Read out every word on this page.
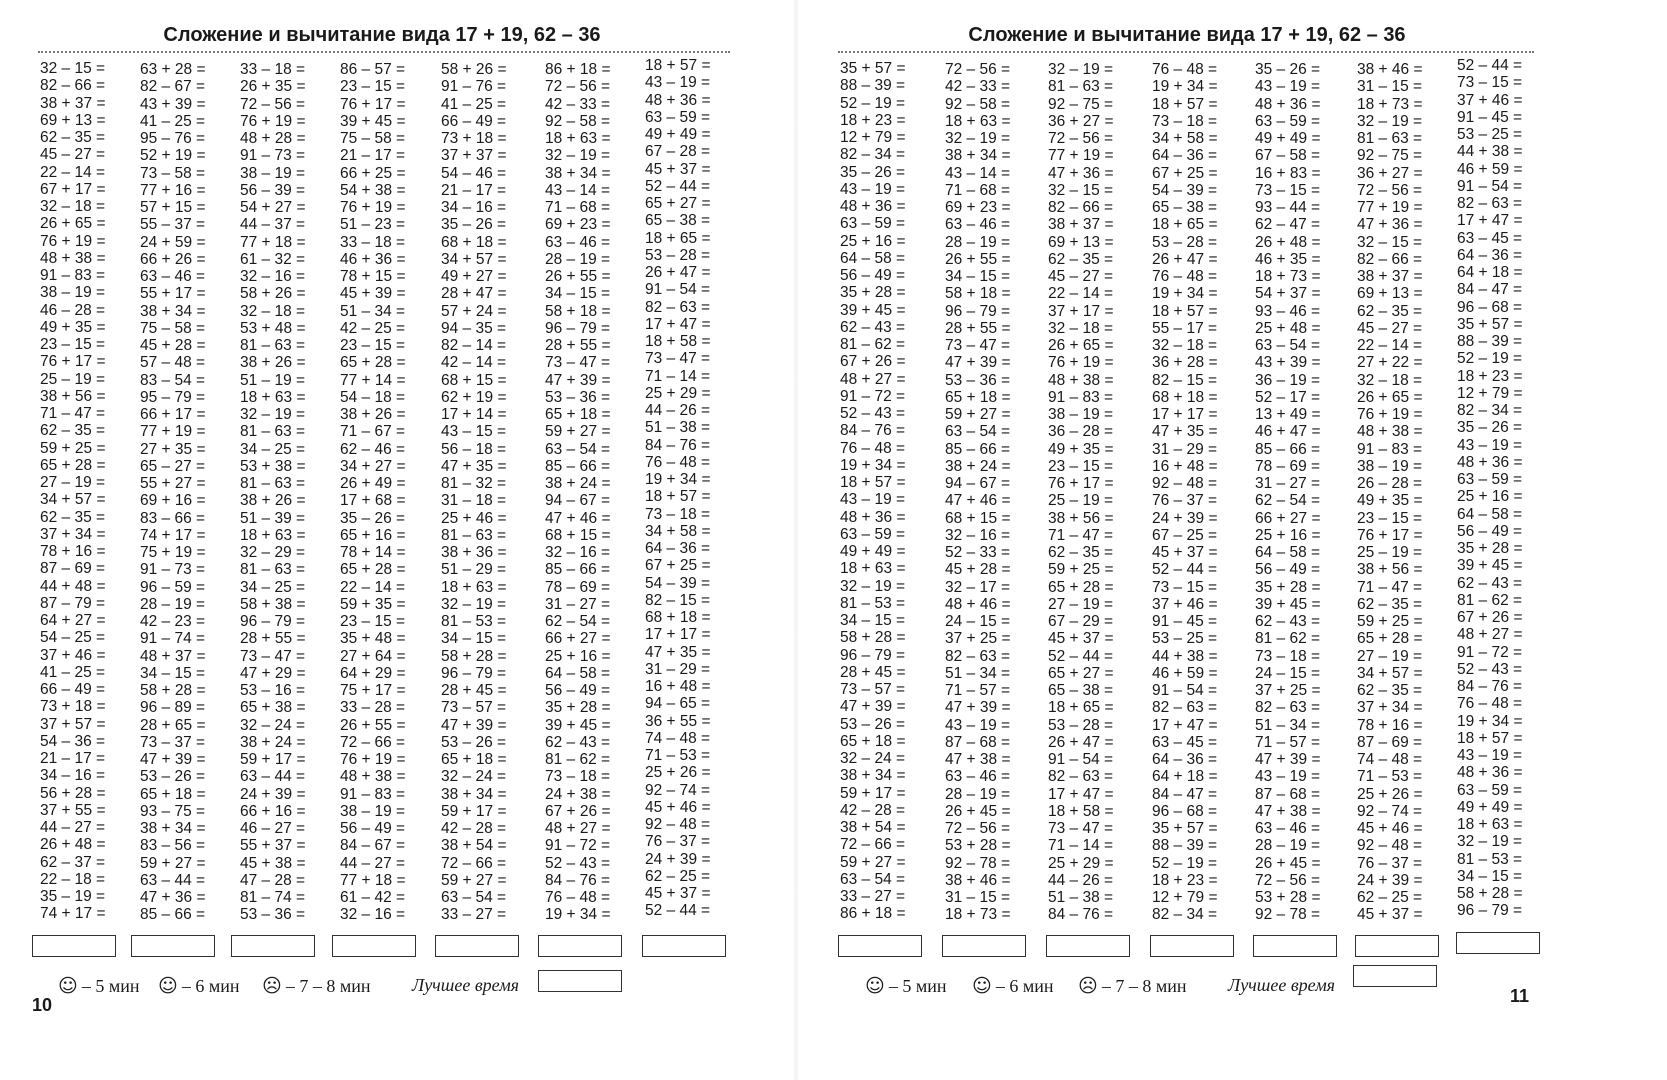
Сложение и вычитание вида 17 + 19, 62 – 36
32 – 15 =
82 – 66 =
38 + 37 =
69 + 13 =
62 – 35 =
45 – 27 =
22 – 14 =
67 + 17 =
32 – 18 =
26 + 65 =
76 + 19 =
48 + 38 =
91 – 83 =
38 – 19 =
46 – 28 =
49 + 35 =
23 – 15 =
76 + 17 =
25 – 19 =
38 + 56 =
71 – 47 =
62 – 35 =
59 + 25 =
65 + 28 =
27 – 19 =
34 + 57 =
62 – 35 =
37 + 34 =
78 + 16 =
87 – 69 =
44 + 48 =
87 – 79 =
64 + 27 =
54 – 25 =
37 + 46 =
41 – 25 =
66 – 49 =
73 + 18 =
37 + 57 =
54 – 36 =
21 – 17 =
34 – 16 =
56 + 28 =
37 + 55 =
44 – 27 =
26 + 48 =
62 – 37 =
22 – 18 =
35 – 19 =
74 + 17 =
63 + 28 =
82 – 67 =
43 + 39 =
41 – 25 =
95 – 76 =
52 + 19 =
73 – 58 =
77 + 16 =
57 + 15 =
55 – 37 =
24 + 59 =
66 + 26 =
63 – 46 =
55 + 17 =
38 + 34 =
75 – 58 =
45 + 28 =
57 – 48 =
83 – 54 =
95 – 79 =
66 + 17 =
77 + 19 =
27 + 35 =
65 – 27 =
55 + 27 =
69 + 16 =
83 – 66 =
74 + 17 =
75 + 19 =
91 – 73 =
96 – 59 =
28 – 19 =
42 – 23 =
91 – 74 =
48 + 37 =
34 – 15 =
58 + 28 =
96 – 89 =
28 + 65 =
73 – 37 =
47 + 39 =
53 – 26 =
65 + 18 =
93 – 75 =
38 + 34 =
83 – 56 =
59 + 27 =
63 – 44 =
47 + 36 =
85 – 66 =
33 – 18 =
26 + 35 =
72 – 56 =
76 + 19 =
48 + 28 =
91 – 73 =
38 – 19 =
56 – 39 =
54 + 27 =
44 – 37 =
77 + 18 =
61 – 32 =
32 – 16 =
58 + 26 =
32 – 18 =
53 + 48 =
81 – 63 =
38 + 26 =
51 – 19 =
18 + 63 =
32 – 19 =
81 – 63 =
34 – 25 =
53 + 38 =
81 – 63 =
38 + 26 =
51 – 39 =
18 + 63 =
32 – 29 =
81 – 63 =
34 – 25 =
58 + 38 =
96 – 79 =
28 + 55 =
73 – 47 =
47 + 29 =
53 – 16 =
65 + 38 =
32 – 24 =
38 + 24 =
59 + 17 =
63 – 44 =
24 + 39 =
66 + 16 =
46 – 27 =
55 + 37 =
45 + 38 =
47 – 28 =
81 – 74 =
53 – 36 =
86 – 57 =
23 – 15 =
76 + 17 =
39 + 45 =
75 – 58 =
21 – 17 =
66 + 25 =
54 + 38 =
76 + 19 =
51 – 23 =
33 – 18 =
46 + 36 =
78 + 15 =
45 + 39 =
51 – 34 =
42 – 25 =
23 – 15 =
65 + 28 =
77 + 14 =
54 – 18 =
38 + 26 =
71 – 67 =
62 – 46 =
34 + 27 =
26 + 49 =
17 + 68 =
35 – 26 =
65 + 16 =
78 + 14 =
65 + 28 =
22 – 14 =
59 + 35 =
23 – 15 =
35 + 48 =
27 + 64 =
64 + 29 =
75 + 17 =
33 – 28 =
26 + 55 =
72 – 66 =
76 + 19 =
48 + 38 =
91 – 83 =
38 – 19 =
56 – 49 =
84 – 67 =
44 – 27 =
77 + 18 =
61 – 42 =
32 – 16 =
58 + 26 =
91 – 76 =
41 – 25 =
66 – 49 =
73 + 18 =
37 + 37 =
54 – 46 =
21 – 17 =
34 – 16 =
35 – 26 =
68 + 18 =
34 + 57 =
49 + 27 =
28 + 47 =
57 + 24 =
94 – 35 =
82 – 14 =
42 – 14 =
68 + 15 =
62 + 19 =
17 + 14 =
43 – 15 =
56 – 18 =
47 + 35 =
81 – 32 =
31 – 18 =
25 + 46 =
81 – 63 =
38 + 36 =
51 – 29 =
18 + 63 =
32 – 19 =
81 – 53 =
34 – 15 =
58 + 28 =
96 – 79 =
28 + 45 =
73 – 57 =
47 + 39 =
53 – 26 =
65 + 18 =
32 – 24 =
38 + 34 =
59 + 17 =
42 – 28 =
38 + 54 =
72 – 66 =
59 + 27 =
63 – 54 =
33 – 27 =
86 + 18 =
72 – 56 =
42 – 33 =
92 – 58 =
18 + 63 =
32 – 19 =
38 + 34 =
43 – 14 =
71 – 68 =
69 + 23 =
63 – 46 =
28 – 19 =
26 + 55 =
34 – 15 =
58 + 18 =
96 – 79 =
28 + 55 =
73 – 47 =
47 + 39 =
53 – 36 =
65 + 18 =
59 + 27 =
63 – 54 =
85 – 66 =
38 + 24 =
94 – 67 =
47 + 46 =
68 + 15 =
32 – 16 =
85 – 66 =
78 – 69 =
31 – 27 =
62 – 54 =
66 + 27 =
25 + 16 =
64 – 58 =
56 – 49 =
35 + 28 =
39 + 45 =
62 – 43 =
81 – 62 =
73 – 18 =
24 + 38 =
67 + 26 =
48 + 27 =
91 – 72 =
52 – 43 =
84 – 76 =
76 – 48 =
19 + 34 =
18 + 57 =
43 – 19 =
48 + 36 =
63 – 59 =
49 + 49 =
67 – 28 =
45 + 37 =
52 – 44 =
65 + 27 =
65 – 38 =
18 + 65 =
53 – 28 =
26 + 47 =
91 – 54 =
82 – 63 =
17 + 47 =
18 + 58 =
73 – 47 =
71 – 14 =
25 + 29 =
44 – 26 =
51 – 38 =
84 – 76 =
76 – 48 =
19 + 34 =
18 + 57 =
73 – 18 =
34 + 58 =
64 – 36 =
67 + 25 =
54 – 39 =
82 – 15 =
68 + 18 =
17 + 17 =
47 + 35 =
31 – 29 =
16 + 48 =
94 – 65 =
36 + 55 =
74 – 48 =
71 – 53 =
25 + 26 =
92 – 74 =
45 + 46 =
92 – 48 =
76 – 37 =
24 + 39 =
62 – 25 =
45 + 37 =
52 – 44 =
☺ – 5 мин ☺ – 6 мин ☹ – 7 – 8 мин Лучшее время
10
Сложение и вычитание вида 17 + 19, 62 – 36
35 + 57 =
88 – 39 =
52 – 19 =
18 + 23 =
12 + 79 =
82 – 34 =
35 – 26 =
43 – 19 =
48 + 36 =
63 – 59 =
25 + 16 =
64 – 58 =
56 – 49 =
35 + 28 =
39 + 45 =
62 – 43 =
81 – 62 =
67 + 26 =
48 + 27 =
91 – 72 =
52 – 43 =
84 – 76 =
76 – 48 =
19 + 34 =
18 + 57 =
43 – 19 =
48 + 36 =
63 – 59 =
49 + 49 =
18 + 63 =
32 – 19 =
81 – 53 =
34 – 15 =
58 + 28 =
96 – 79 =
28 + 45 =
73 – 57 =
47 + 39 =
53 – 26 =
65 + 18 =
32 – 24 =
38 + 34 =
59 + 17 =
42 – 28 =
38 + 54 =
72 – 66 =
59 + 27 =
63 – 54 =
33 – 27 =
86 + 18 =
72 – 56 =
42 – 33 =
92 – 58 =
18 + 63 =
32 – 19 =
38 + 34 =
43 – 14 =
71 – 68 =
69 + 23 =
63 – 46 =
28 – 19 =
26 + 55 =
34 – 15 =
58 + 18 =
96 – 79 =
28 + 55 =
73 – 47 =
47 + 39 =
53 – 36 =
65 + 18 =
59 + 27 =
63 – 54 =
85 – 66 =
38 + 24 =
94 – 67 =
47 + 46 =
68 + 15 =
32 – 16 =
52 – 33 =
45 + 28 =
32 – 17 =
48 + 46 =
24 – 15 =
37 + 25 =
82 – 63 =
51 – 34 =
71 – 57 =
47 + 39 =
43 – 19 =
87 – 68 =
47 + 38 =
63 – 46 =
28 – 19 =
26 + 45 =
72 – 56 =
53 + 28 =
92 – 78 =
38 + 46 =
31 – 15 =
18 + 73 =
32 – 19 =
81 – 63 =
92 – 75 =
36 + 27 =
72 – 56 =
77 + 19 =
47 + 36 =
32 – 15 =
82 – 66 =
38 + 37 =
69 + 13 =
62 – 35 =
45 – 27 =
22 – 14 =
37 + 17 =
32 – 18 =
26 + 65 =
76 + 19 =
48 + 38 =
91 – 83 =
38 – 19 =
36 – 28 =
49 + 35 =
23 – 15 =
76 + 17 =
25 – 19 =
38 + 56 =
71 – 47 =
62 – 35 =
59 + 25 =
65 + 28 =
27 – 19 =
67 – 29 =
45 + 37 =
52 – 44 =
65 + 27 =
65 – 38 =
18 + 65 =
53 – 28 =
26 + 47 =
91 – 54 =
82 – 63 =
17 + 47 =
18 + 58 =
73 – 47 =
71 – 14 =
25 + 29 =
44 – 26 =
51 – 38 =
84 – 76 =
76 – 48 =
19 + 34 =
18 + 57 =
73 – 18 =
34 + 58 =
64 – 36 =
67 + 25 =
54 – 39 =
65 – 38 =
18 + 65 =
53 – 28 =
26 + 47 =
76 – 48 =
19 + 34 =
18 + 57 =
55 – 17 =
32 – 18 =
36 + 28 =
82 – 15 =
68 + 18 =
17 + 17 =
47 + 35 =
31 – 29 =
16 + 48 =
92 – 48 =
76 – 37 =
24 + 39 =
67 – 25 =
45 + 37 =
52 – 44 =
73 – 15 =
37 + 46 =
91 – 45 =
53 – 25 =
44 + 38 =
46 + 59 =
91 – 54 =
82 – 63 =
17 + 47 =
63 – 45 =
64 – 36 =
64 + 18 =
84 – 47 =
96 – 68 =
35 + 57 =
88 – 39 =
52 – 19 =
18 + 23 =
12 + 79 =
82 – 34 =
35 – 26 =
43 – 19 =
48 + 36 =
63 – 59 =
49 + 49 =
67 – 58 =
16 + 83 =
73 – 15 =
93 – 44 =
62 – 47 =
26 + 48 =
46 + 35 =
18 + 73 =
54 + 37 =
93 – 46 =
25 + 48 =
63 – 54 =
43 + 39 =
36 – 19 =
52 – 17 =
13 + 49 =
46 + 47 =
85 – 66 =
78 – 69 =
31 – 27 =
62 – 54 =
66 + 27 =
25 + 16 =
64 – 58 =
56 – 49 =
35 + 28 =
39 + 45 =
62 – 43 =
81 – 62 =
73 – 18 =
24 – 15 =
37 + 25 =
82 – 63 =
51 – 34 =
71 – 57 =
47 + 39 =
43 – 19 =
87 – 68 =
47 + 38 =
63 – 46 =
28 – 19 =
26 + 45 =
72 – 56 =
53 + 28 =
92 – 78 =
38 + 46 =
31 – 15 =
18 + 73 =
32 – 19 =
81 – 63 =
92 – 75 =
36 + 27 =
72 – 56 =
77 + 19 =
47 + 36 =
32 – 15 =
82 – 66 =
38 + 37 =
69 + 13 =
62 – 35 =
45 – 27 =
22 – 14 =
27 + 22 =
32 – 18 =
26 + 65 =
76 + 19 =
48 + 38 =
91 – 83 =
38 – 19 =
26 – 28 =
49 + 35 =
23 – 15 =
76 + 17 =
25 – 19 =
38 + 56 =
71 – 47 =
62 – 35 =
59 + 25 =
65 + 28 =
27 – 19 =
34 + 57 =
62 – 35 =
37 + 34 =
78 + 16 =
87 – 69 =
74 – 48 =
71 – 53 =
25 + 26 =
92 – 74 =
45 + 46 =
92 – 48 =
76 – 37 =
24 + 39 =
62 – 25 =
45 + 37 =
52 – 44 =
73 – 15 =
37 + 46 =
91 – 45 =
53 – 25 =
44 + 38 =
46 + 59 =
91 – 54 =
82 – 63 =
17 + 47 =
63 – 45 =
64 – 36 =
64 + 18 =
84 – 47 =
96 – 68 =
35 + 57 =
88 – 39 =
52 – 19 =
18 + 23 =
12 + 79 =
82 – 34 =
35 – 26 =
43 – 19 =
48 + 36 =
63 – 59 =
25 + 16 =
64 – 58 =
56 – 49 =
35 + 28 =
39 + 45 =
62 – 43 =
81 – 62 =
67 + 26 =
48 + 27 =
91 – 72 =
52 – 43 =
84 – 76 =
76 – 48 =
19 + 34 =
18 + 57 =
43 – 19 =
48 + 36 =
63 – 59 =
49 + 49 =
18 + 63 =
32 – 19 =
81 – 53 =
34 – 15 =
58 + 28 =
96 – 79 =
☺ – 5 мин ☺ – 6 мин ☹ – 7 – 8 мин Лучшее время
11
